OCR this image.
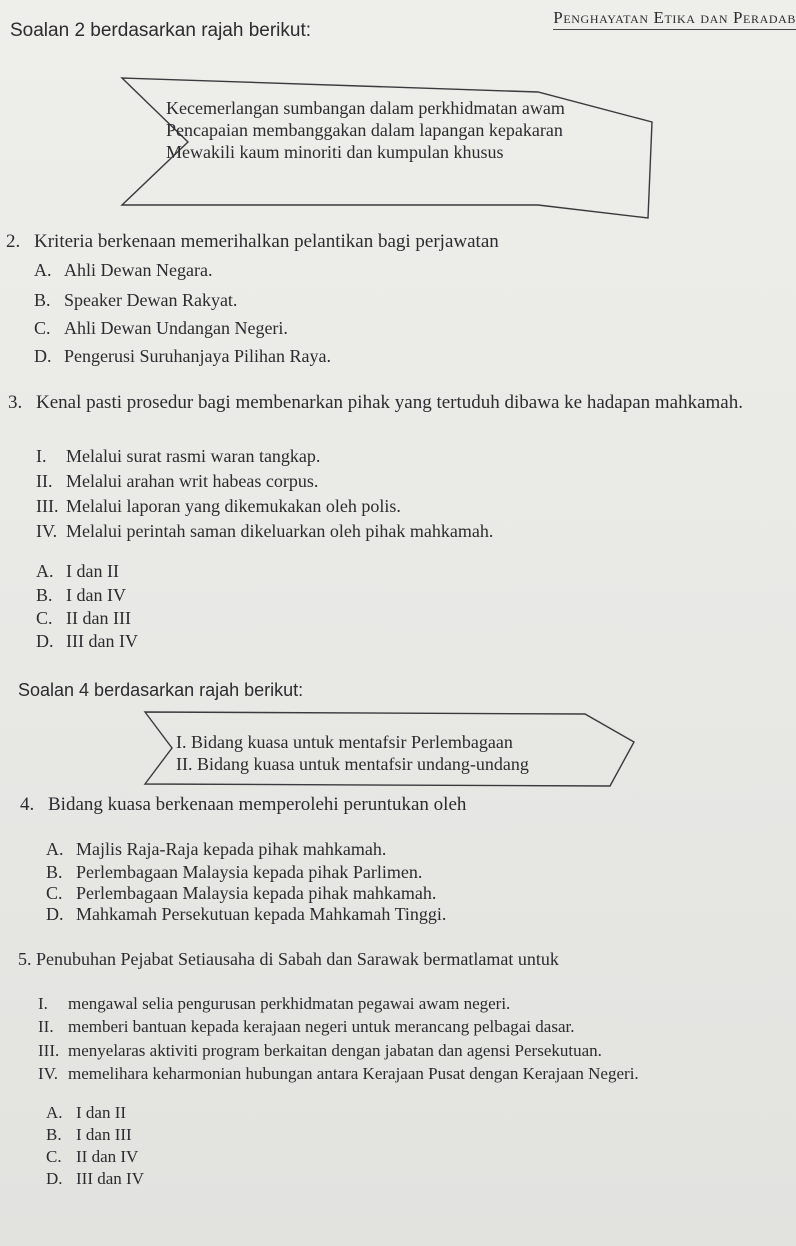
Penghayatan Etika dan Peradab
Soalan 2 berdasarkan rajah berikut:
Kecemerlangan sumbangan dalam perkhidmatan awam
Pencapaian membanggakan dalam lapangan kepakaran
Mewakili kaum minoriti dan kumpulan khusus
2. Kriteria berkenaan memerihalkan pelantikan bagi perjawatan
A. Ahli Dewan Negara.
B. Speaker Dewan Rakyat.
C. Ahli Dewan Undangan Negeri.
D. Pengerusi Suruhanjaya Pilihan Raya.
3. Kenal pasti prosedur bagi membenarkan pihak yang tertuduh dibawa ke hadapan mahkamah.
I. Melalui surat rasmi waran tangkap.
II. Melalui arahan writ habeas corpus.
III. Melalui laporan yang dikemukakan oleh polis.
IV. Melalui perintah saman dikeluarkan oleh pihak mahkamah.
A. I dan II
B. I dan IV
C. II dan III
D. III dan IV
Soalan 4 berdasarkan rajah berikut:
I. Bidang kuasa untuk mentafsir Perlembagaan
II. Bidang kuasa untuk mentafsir undang-undang
4. Bidang kuasa berkenaan memperolehi peruntukan oleh
A. Majlis Raja-Raja kepada pihak mahkamah.
B. Perlembagaan Malaysia kepada pihak Parlimen.
C. Perlembagaan Malaysia kepada pihak mahkamah.
D. Mahkamah Persekutuan kepada Mahkamah Tinggi.
5. Penubuhan Pejabat Setiausaha di Sabah dan Sarawak bermatlamat untuk
I. mengawal selia pengurusan perkhidmatan pegawai awam negeri.
II. memberi bantuan kepada kerajaan negeri untuk merancang pelbagai dasar.
III. menyelaras aktiviti program berkaitan dengan jabatan dan agensi Persekutuan.
IV. memelihara keharmonian hubungan antara Kerajaan Pusat dengan Kerajaan Negeri.
A. I dan II
B. I dan III
C. II dan IV
D. III dan IV
